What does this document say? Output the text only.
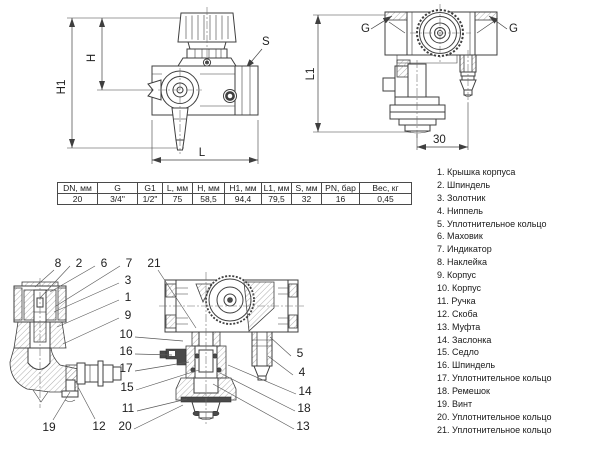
H1
H
L
S
L1
G	G
30
DN, мм	G	G1	L, мм	H, мм	H1, мм	L1, мм	S, мм	PN, бар	Вес, кг
20	3/4"	1/2"	75	58,5	94,4	79,5	32	16	0,45
1. Крышка корпуса
2. Шпиндель
3. Золотник
4. Ниппель
5. Уплотнительное кольцо
6. Маховик
7. Индикатор
8. Наклейка
9. Корпус
10. Корпус
11. Ручка
12. Скоба
13. Муфта
14. Заслонка
15. Седло
16. Шпиндель
17. Уплотнительное кольцо
18. Ремешок
19. Винт
20. Уплотнительное кольцо
21. Уплотнительное кольцо
8 2 6 7 21
3
1
9
10
16
17
15
11
19	12 20
5
4
14
18
13
